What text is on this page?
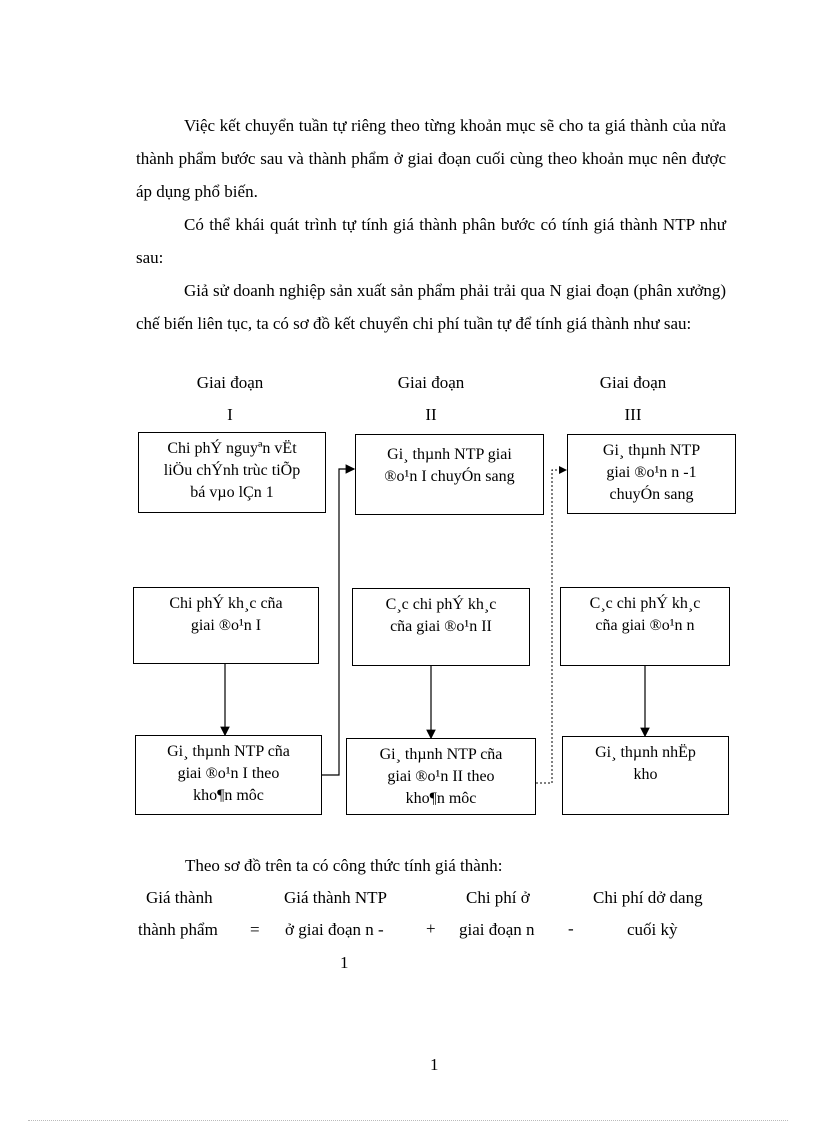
Việc kết chuyển tuần tự riêng theo từng khoản mục sẽ cho ta giá thành của nửa thành phẩm bước sau và thành phẩm ở giai đoạn cuối cùng theo khoản mục nên được áp dụng phổ biến.

Có thể khái quát trình tự tính giá thành phân bước có tính giá thành NTP như sau:

Giả sử doanh nghiệp sản xuất sản phẩm phải trải qua N giai đoạn (phân xưởng) chế biến liên tục, ta có sơ đồ kết chuyển chi phí tuần tự để tính giá thành như sau:

Giai đoạn
I
Giai đoạn
II
Giai đoạn
III
Chi phÝ nguyªn vËt
liÖu chÝnh trùc tiÕp
bá vµo lÇn 1
Chi phÝ kh¸c cña
giai ®o¹n I
Gi¸ thµnh NTP cña
giai ®o¹n I theo
kho¶n môc
Gi¸ thµnh NTP giai
®o¹n I chuyÓn sang
C¸c chi phÝ kh¸c
cña giai ®o¹n II
Gi¸ thµnh NTP cña
giai ®o¹n II theo
kho¶n môc
Gi¸ thµnh NTP
giai ®o¹n n -1
chuyÓn sang
C¸c chi phÝ kh¸c
cña giai ®o¹n n
Gi¸ thµnh nhËp
kho
Theo sơ đồ trên ta có công thức tính giá thành:
Giá thành
thành phẩm =
Giá thành NTP
ở giai đoạn n -
1
+
Chi phí ở
giai đoạn n -
Chi phí dở dang
cuối kỳ
1
